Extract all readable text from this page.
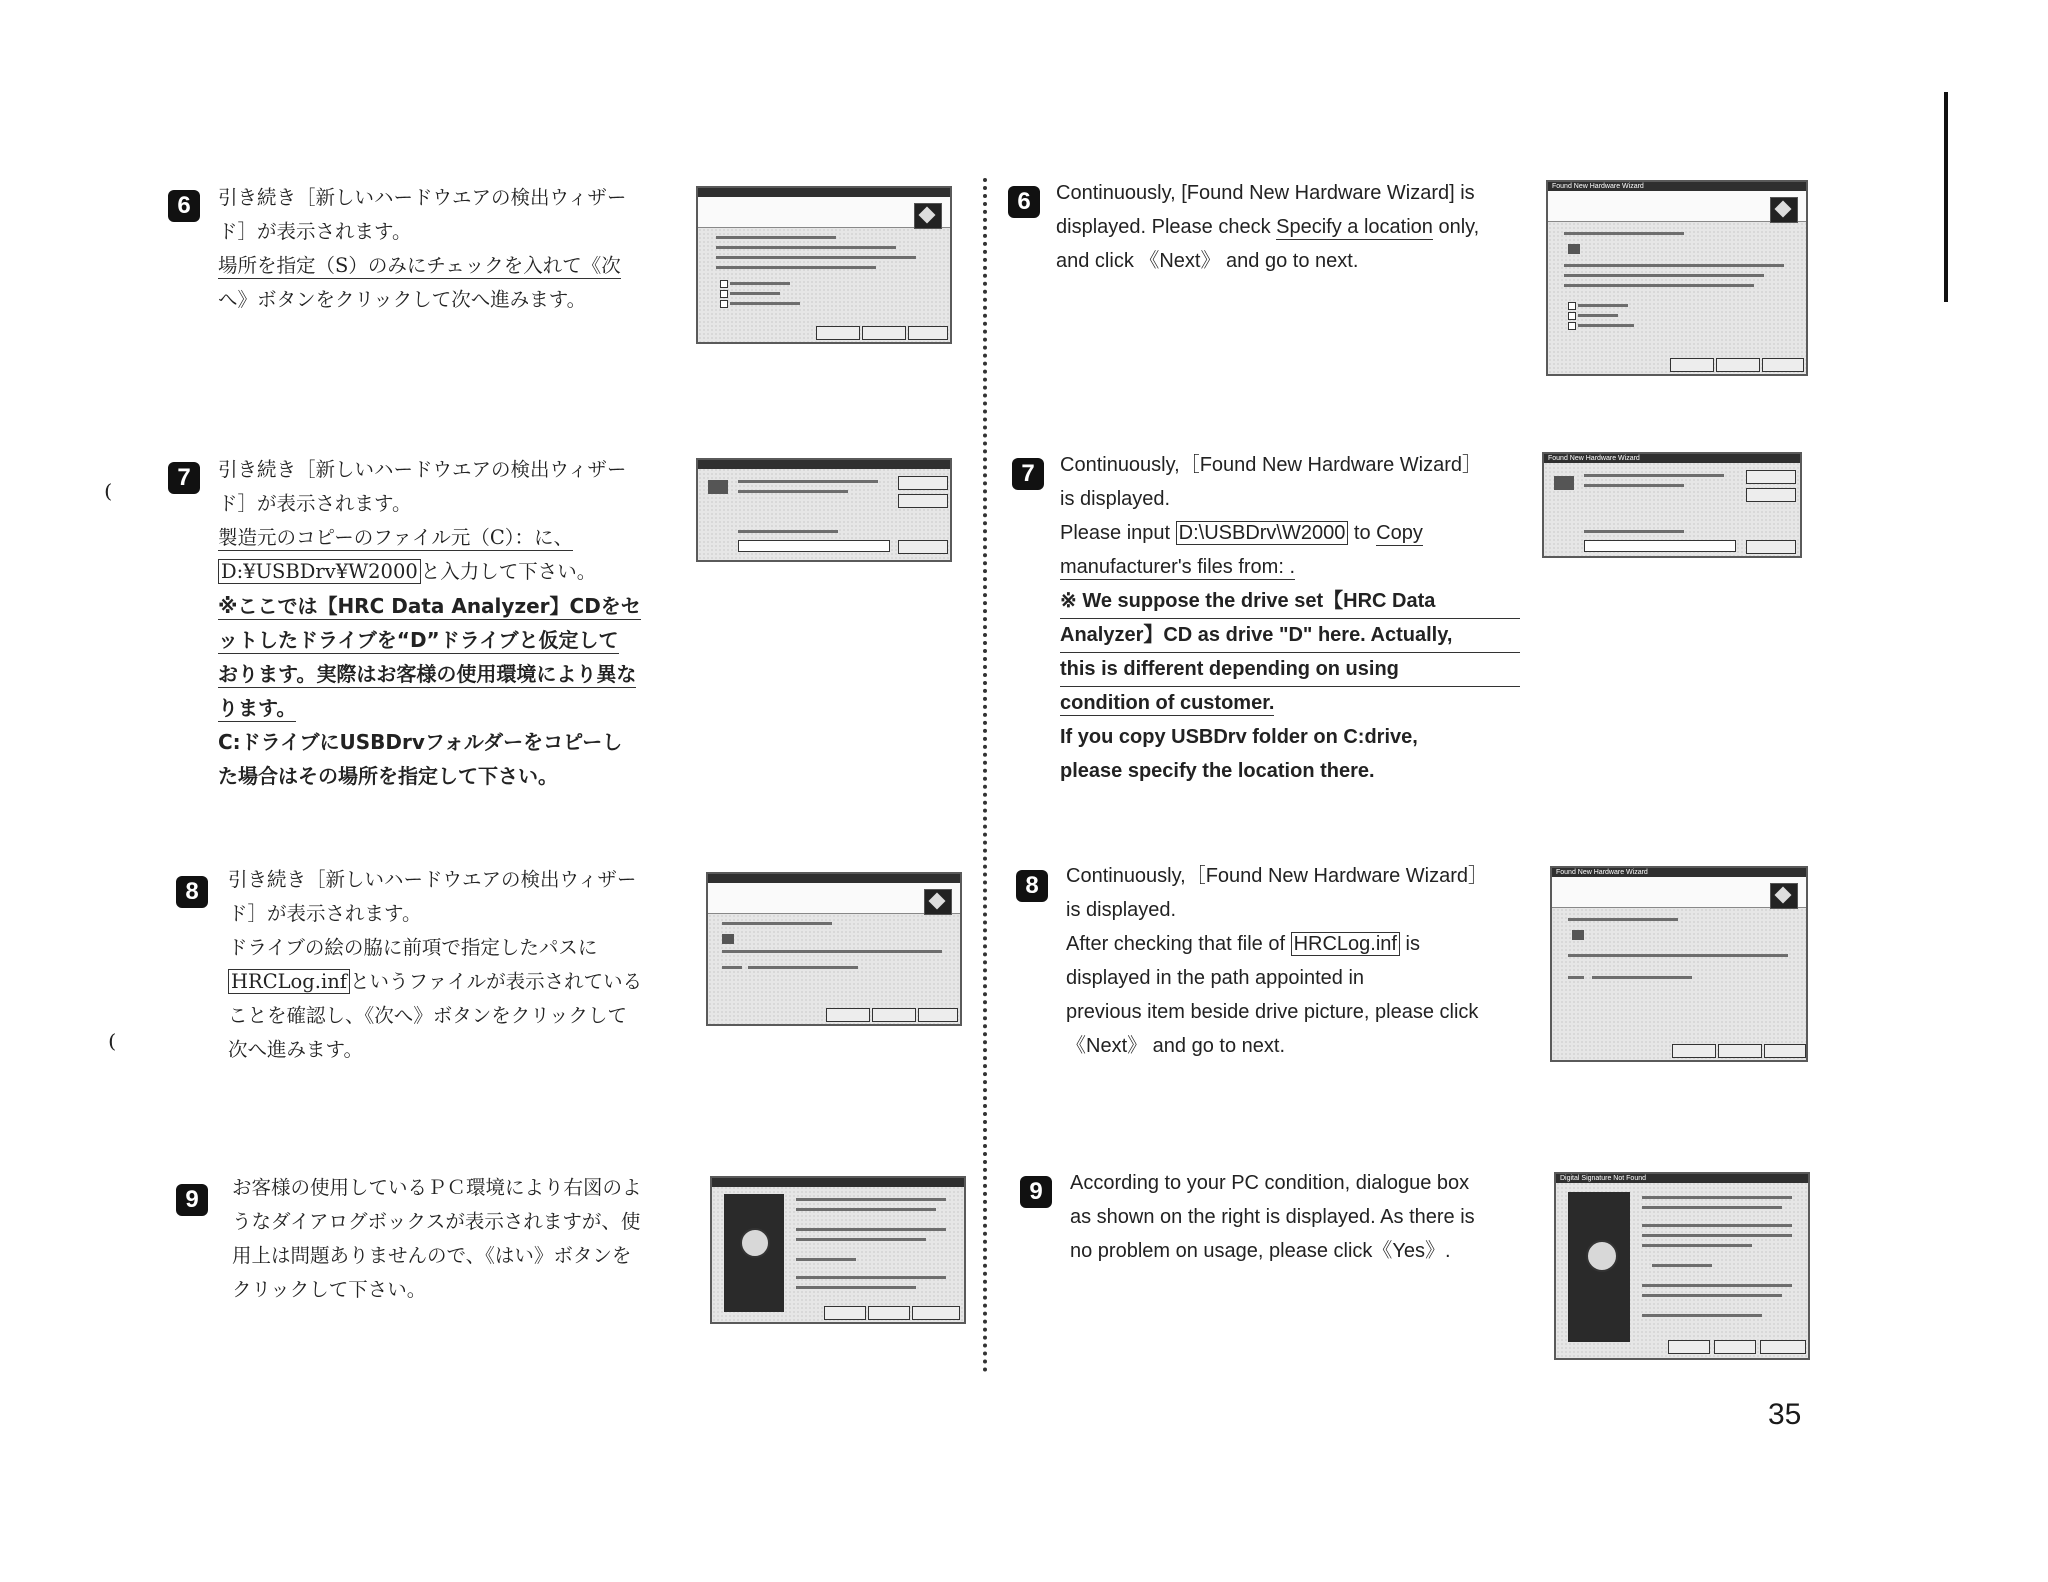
⁽
⁽
6	引き続き［新しいハードウエアの検出ウィザー
ド］が表示されます。
場所を指定（S）のみにチェックを入れて《次
へ》ボタンをクリックして次へ進みます。
7	引き続き［新しいハードウエアの検出ウィザー
ド］が表示されます。
製造元のコピーのファイル元（C）：に、
D:¥USBDrv¥W2000 と入力して下さい。
※ここでは【HRC Data Analyzer】CDをセ
ットしたドライブを“D”ドライブと仮定して
おります。実際はお客様の使用環境により異な
ります。
C:ドライブにUSBDrvフォルダーをコピーし
た場合はその場所を指定して下さい。
8	引き続き［新しいハードウエアの検出ウィザー
ド］が表示されます。
ドライブの絵の脇に前項で指定したパスに
HRCLog.inf というファイルが表示されている
ことを確認し、《次へ》ボタンをクリックして
次へ進みます。
9	お客様の使用しているＰＣ環境により右図のよ
うなダイアログボックスが表示されますが、使
用上は問題ありませんので、《はい》ボタンを
クリックして下さい。
6	Continuously, [Found New Hardware Wizard] is
displayed. Please check Specify a location only,
and click 《Next》 and go to next.
Found New Hardware Wizard
7	Continuously,［Found New Hardware Wizard］
is displayed.
Please input D:\USBDrv\W2000 to Copy
manufacturer's files from: .
※ We suppose the drive set【HRC Data
Analyzer】CD as drive "D" here. Actually,
this is different depending on using
condition of customer.
If you copy USBDrv folder on C:drive,
please specify the location there.
Found New Hardware Wizard
8	Continuously,［Found New Hardware Wizard］
is displayed.
After checking that file of HRCLog.inf is
displayed in the path appointed in
previous item beside drive picture, please click
《Next》 and go to next.
Found New Hardware Wizard
9	According to your PC condition, dialogue box
as shown on the right is displayed. As there is
no problem on usage, please click《Yes》.
Digital Signature Not Found
35
